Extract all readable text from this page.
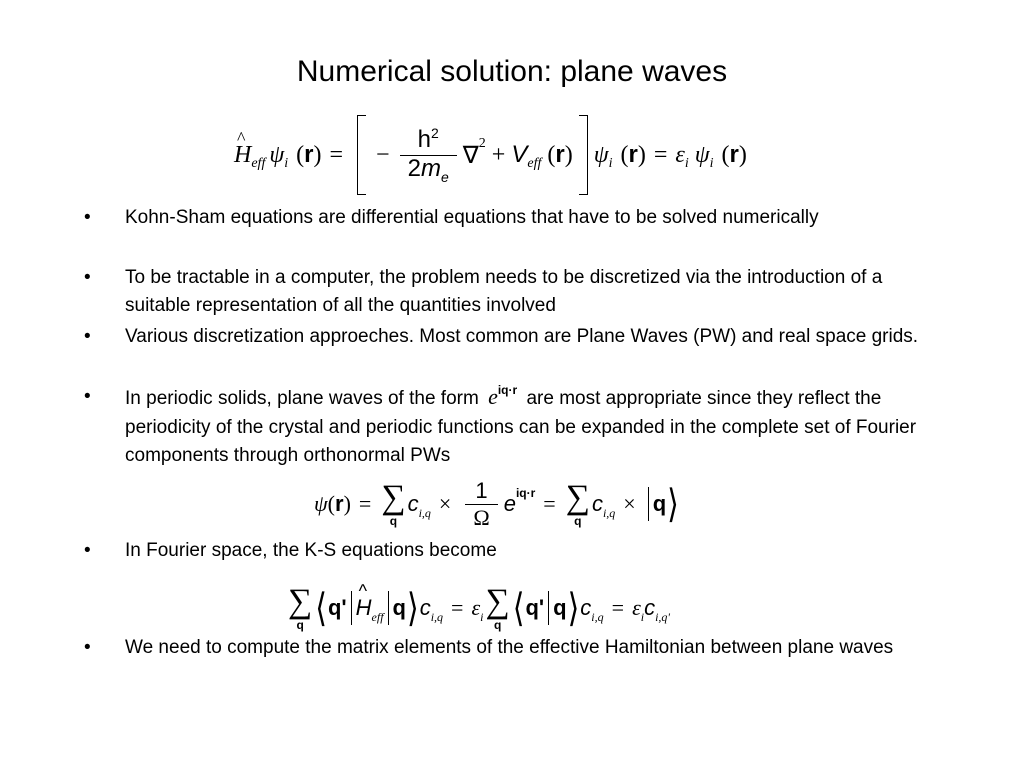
Numerical solution: plane waves
^ H eff ψ i ( r ) = − $\frac{h^2}{2m_e}$ ∇ 2 + V eff ( r ) ψ i ( r ) = ε i ψ i ( r )
• Kohn-Sham equations are differential equations that have to be solved numerically
• To be tractable in a computer, the problem needs to be discretized via the introduction of a suitable representation of all the quantities involved
• Various discretization approeches. Most common are Plane Waves (PW) and real space grids.
• In periodic solids, plane waves of the form $e^{iq\cdot r}$ are most appropriate since they reflect the periodicity of the crystal and periodic functions can be expanded in the complete set of Fourier components through orthonormal PWs
ψ ( r ) = ∑
q
c $i,q \times \frac{1}{\Omega}$ e iq·r = ∑
q
c i,q × q ⟩
• In Fourier space, the K-S equations become
∑
q ⟨ q'
^ H eff q ⟩ c i,q = ε i ∑
q ⟨ q' q ⟩ c i,q = ε i c i,q'
• We need to compute the matrix elements of the effective Hamiltonian between plane waves
